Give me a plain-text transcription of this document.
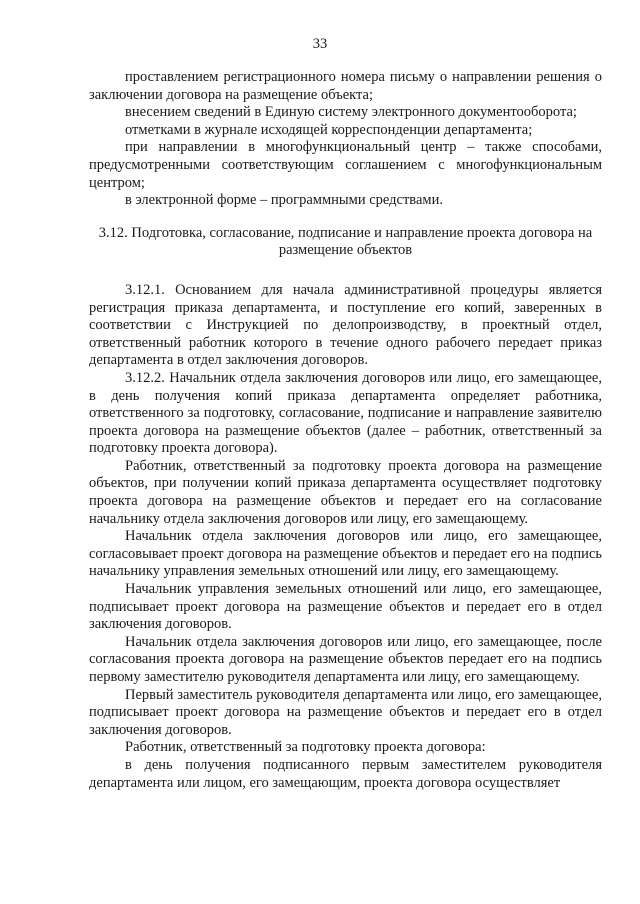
33

проставлением регистрационного номера письму о направлении решения о заключении договора на размещение объекта;

внесением сведений в Единую систему электронного документооборота;

отметками в журнале исходящей корреспонденции департамента;

при направлении в многофункциональный центр – также способами, предусмотренными соответствующим соглашением с многофункциональным центром;

в электронной форме – программными средствами.

3.12. Подготовка, согласование, подписание и направление проекта договора на размещение объектов

3.12.1. Основанием для начала административной процедуры является регистрация приказа департамента, и поступление его копий, заверенных в соответствии с Инструкцией по делопроизводству, в проектный отдел, ответственный работник которого в течение одного рабочего передает приказ департамента в отдел заключения договоров.

3.12.2. Начальник отдела заключения договоров или лицо, его замещающее, в день получения копий приказа департамента определяет работника, ответственного за подготовку, согласование, подписание и направление заявителю проекта договора на размещение объектов (далее – работник, ответственный за подготовку проекта договора).

Работник, ответственный за подготовку проекта договора на размещение объектов, при получении копий приказа департамента осуществляет подготовку проекта договора на размещение объектов и передает его на согласование начальнику отдела заключения договоров или лицу, его замещающему.

Начальник отдела заключения договоров или лицо, его замещающее, согласовывает проект договора на размещение объектов и передает его на подпись начальнику управления земельных отношений или лицу, его замещающему.

Начальник управления земельных отношений или лицо, его замещающее, подписывает проект договора на размещение объектов и передает его в отдел заключения договоров.

Начальник отдела заключения договоров или лицо, его замещающее, после согласования проекта договора на размещение объектов передает его на подпись первому заместителю руководителя департамента или лицу, его замещающему.

Первый заместитель руководителя департамента или лицо, его замещающее, подписывает проект договора на размещение объектов и передает его в отдел заключения договоров.

Работник, ответственный за подготовку проекта договора:

в день получения подписанного первым заместителем руководителя департамента или лицом, его замещающим, проекта договора осуществляет
